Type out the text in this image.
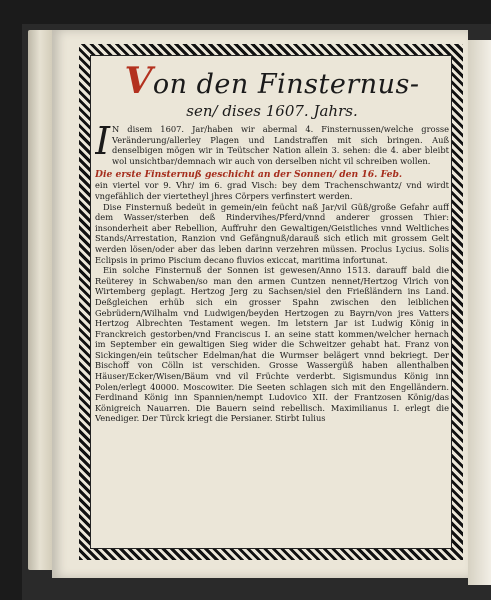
Von den Finsternus-
sen/ dises 1607. Jahrs.

I N disem 1607. Jar/haben wir abermal 4. Finsternussen/welche grosse Veränderung/allerley Plagen und Landstraffen mit sich bringen. Auß denselbigen mögen wir in Teütscher Nation allein 3. sehen: die 4. aber bleibt wol unsichtbar/demnach wir auch von derselben nicht vil schreiben wollen.

Die erste Finsternuß geschicht an der Sonnen/ den 16. Feb.

ein viertel vor 9. Vhr/ im 6. grad Visch: bey dem Trachenschwantz/ vnd wirdt vngefählich der viertetheyl jhres Cörpers verfinstert werden.

Dise Finsternuß bedeüt in gemein/ein feücht naß Jar/vil Güß/große Gefahr auff dem Wasser/sterben deß Rindervihes/Pferd/vnnd anderer grossen Thier: insonderheit aber Rebellion, Auffruhr den Gewaltigen/Geistliches vnnd Weltliches Stands/Arrestation, Ranzion vnd Gefängnuß/darauß sich etlich mit grossem Gelt werden lösen/oder aber das leben darinn verzehren müssen. Proclus Lycius. Solis Eclipsis in primo Piscium decano fluvios exiccat, maritima infortunat.

Ein solche Finsternuß der Sonnen ist gewesen/Anno 1513. darauff bald die Reüterey in Schwaben/so man den armen Cuntzen nennet/Hertzog Vlrich von Wirtemberg geplagt. Hertzog Jerg zu Sachsen/siel den Frießländern ins Land. Deßgleichen erhüb sich ein grosser Spahn zwischen den leiblichen Gebrüdern/Wilhalm vnd Ludwigen/beyden Hertzogen zu Bayrn/von jres Vatters Hertzog Albrechten Testament wegen. Im letstern Jar ist Ludwig König in Franckreich gestorben/vnd Franciscus I. an seine statt kommen/welcher hernach im September ein gewaltigen Sieg wider die Schweitzer gehabt hat. Franz von Sickingen/ein teütscher Edelman/hat die Wurmser belägert vnnd bekriegt. Der Bischoff von Cölln ist verschiden. Grosse Wassergüß haben allenthalben Häuser/Ecker/Wisen/Bäum vnd vil Früchte verderbt. Sigismundus König inn Polen/erlegt 40000. Moscowiter. Die Seeten schlagen sich mit den Engelländern. Ferdinand König inn Spannien/nempt Ludovico XII. der Frantzosen König/das Königreich Nauarren. Die Bauern seind rebellisch. Maximilianus I. erlegt die Venediger. Der Türck kriegt die Persianer. Stirbt Iulius
